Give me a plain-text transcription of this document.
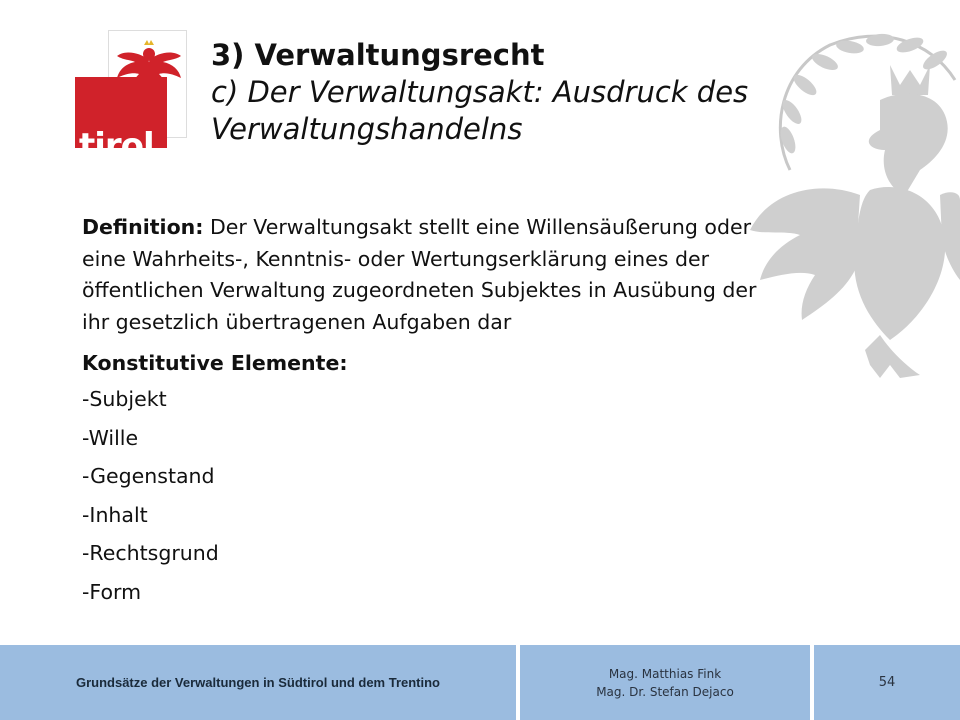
tirol
Unser Land
3) Verwaltungsrecht
c) Der Verwaltungsakt: Ausdruck des
Verwaltungshandelns

Definition: Der Verwaltungsakt stellt eine Willensäußerung oder eine Wahrheits-, Kenntnis- oder Wertungserklärung eines der öffentlichen Verwaltung zugeordneten Subjektes in Ausübung der ihr gesetzlich übertragenen Aufgaben dar

Konstitutive Elemente:
-Subjekt
-Wille
-Gegenstand
-Inhalt
-Rechtsgrund
-Form
Grundsätze der Verwaltungen in Südtirol und dem Trentino
Mag. Matthias Fink
Mag. Dr. Stefan Dejaco
54
